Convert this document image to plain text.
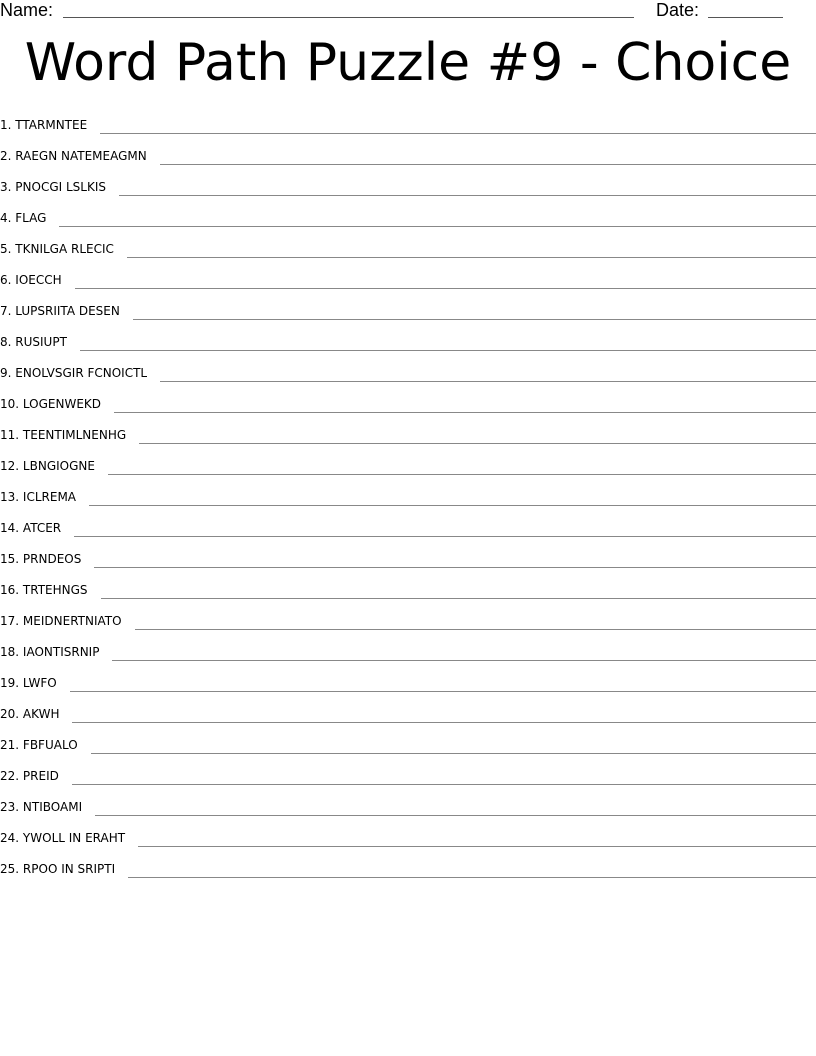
Name:	Date:
Word Path Puzzle #9 - Choice
1. TTARMNTEE
2. RAEGN NATEMEAGMN
3. PNOCGI LSLKIS
4. FLAG
5. TKNILGA RLECIC
6. IOECCH
7. LUPSRIITA DESEN
8. RUSIUPT
9. ENOLVSGIR FCNOICTL
10. LOGENWEKD
11. TEENTIMLNENHG
12. LBNGIOGNE
13. ICLREMA
14. ATCER
15. PRNDEOS
16. TRTEHNGS
17. MEIDNERTNIATO
18. IAONTISRNIP
19. LWFO
20. AKWH
21. FBFUALO
22. PREID
23. NTIBOAMI
24. YWOLL IN ERAHT
25. RPOO IN SRIPTI
